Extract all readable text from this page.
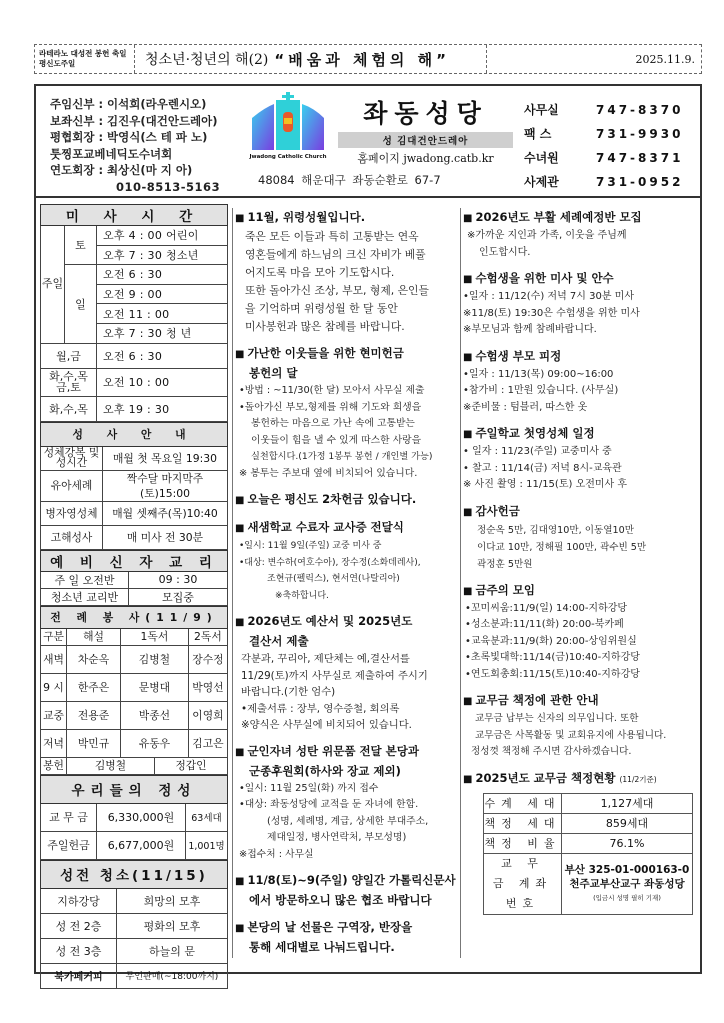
라테라노 대성전 봉헌 축일
평신도주일	청소년·청년의 해(2) “배움과 체험의 해”	2025.11.9.
주임신부 : 이석희(라우렌시오)
보좌신부 : 김진우(대건안드레아)
평협회장 : 박영식(스 테 파 노)
툿찡포교베네딕도수녀회
연도회장 : 최상신(마 지 아)
010-8513-5163
Jwadong Catholic Church
좌동성당
성 김대건안드레아
홈페이지 jwadong.catb.kr
48084 해운대구 좌동순환로 67-7
사무실	747-8370
팩 스	731-9930
수녀원	747-8371
사제관	731-0952
미 사 시 간		
주일	토	오후 4 : 00 어린이
		오후 7 : 30 청소년
	일	오전 6 : 30
		오전 9 : 00
		오전 11 : 00
		오후 7 : 30 청 년
월,금		오전 6 : 30
화,수,목 금,토		오전 10 : 00
화,수,목		오후 19 : 30
성 사 안 내	
성체강복 및 성시간	매월 첫 목요일 19:30
유아세례	짝수달 마지막주(토)15:00
병자영성체	매월 셋째주(목)10:40
고해성사	매 미사 전 30분
예 비 신 자 교 리	
주 일 오전반	09 : 30
청소년 교리반	모집중
전 례 봉 사(11/9)				
구분	해설	1독서		2독서
새벽	차순옥	김병철		장수정
9 시	한주은	문병대		박영선
교중	전용준	박종선		이영희
저녁	박민규	유동우		김고은
봉헌	김병철		정갑인	
우리들의 정성		
교 무 금	6,330,000원	63세대
주일헌금	6,677,000원	1,001명
성전 청소(11/15)	
지하강당	희망의 모후
성 전 2층	평화의 모후
성 전 3층	하늘의 문
북카페커피	무인판매(~18:00까지)
■ 11월, 위령성월입니다.
죽은 모든 이들과 특히 고통받는 연옥
영혼들에게 하느님의 크신 자비가 베풀
어지도록 마음 모아 기도합시다.
또한 돌아가신 조상, 부모, 형제, 은인들
을 기억하며 위령성월 한 달 동안
미사봉헌과 많은 참례를 바랍니다.
■ 가난한 이웃들을 위한 현미헌금
봉헌의 달
•방법 : ~11/30(한 달) 모아서 사무실 제출
•돌아가신 부모,형제를 위해 기도와 희생을
봉헌하는 마음으로 가난 속에 고통받는
이웃들이 힘을 낼 수 있게 따스한 사랑을
실천합시다.(1가정 1봉투 봉헌 / 개인별 가능)
※ 봉투는 주보대 옆에 비치되어 있습니다.
■ 오늘은 평신도 2차헌금 있습니다.
■ 새샘학교 수료자 교사증 전달식
•일시: 11월 9일(주일) 교중 미사 중
•대상: 변수하(여호수아), 장수정(소화데레사),
조현규(펠릭스), 현서연(나탈리아)
※축하합니다.
■ 2026년도 예산서 및 2025년도
결산서 제출
각분과, 꾸리아, 제단체는 예,결산서를
11/29(토)까지 사무실로 제출하여 주시기
바랍니다.(기한 엄수)
•제출서류 : 장부, 영수증철, 회의록
※양식은 사무실에 비치되어 있습니다.
■ 군인자녀 성탄 위문품 전달 본당과
군종후원회(하사와 장교 제외)
•일시: 11월 25일(화) 까지 접수
•대상: 좌동성당에 교적을 둔 자녀에 한함.
(성명, 세례명, 계급, 상세한 부대주소,
제대일정, 병사연락처, 부모성명)
※접수처 : 사무실
■ 11/8(토)~9(주일) 양일간 가톨릭신문사
에서 방문하오니 많은 협조 바랍니다
■ 본당의 날 선물은 구역장, 반장을
통해 세대별로 나눠드립니다.
■ 2026년도 부활 세례예정반 모집
※가까운 지인과 가족, 이웃을 주님께
인도합시다.
■ 수험생을 위한 미사 및 안수
•일자 : 11/12(수) 저녁 7시 30분 미사
※11/8(토) 19:30은 수험생을 위한 미사
※부모님과 함께 참례바랍니다.
■ 수험생 부모 피정
•일자 : 11/13(목) 09:00~16:00
•참가비 : 1만원 있습니다. (사무실)
※준비물 : 텀블러, 따스한 옷
■ 주일학교 첫영성체 일정
• 일자 : 11/23(주일) 교중미사 중
• 찰고 : 11/14(금) 저녁 8시-교육관
※ 사진 촬영 : 11/15(토) 오전미사 후
■ 감사헌금
정순옥 5만, 김대영10만, 이동열10만
이다교 10만, 정해필 100만, 곽수빈 5만
곽정훈 5만원
■ 금주의 모임
•꼬미씨움:11/9(일) 14:00-지하강당
•성소분과:11/11(화) 20:00-북카페
•교육분과:11/9(화) 20:00-상임위원실
•초록빛대학:11/14(금)10:40-지하강당
•연도회총회:11/15(토)10:40-지하강당
■ 교무금 책정에 관한 안내
교무금 납부는 신자의 의무입니다. 또한
교무금은 사목활동 및 교회유지에 사용됩니다.
정성껏 책정해 주시면 감사하겠습니다.
■ 2025년도 교무금 책정현황 (11/2기준)
수계 세대	1,127세대
책정 세대	859세대
책정 비율	76.1%
교 무 금 계좌번호	부산 325-01-000163-0
천주교부산교구 좌동성당
(입금시 성명 필히 기재)
